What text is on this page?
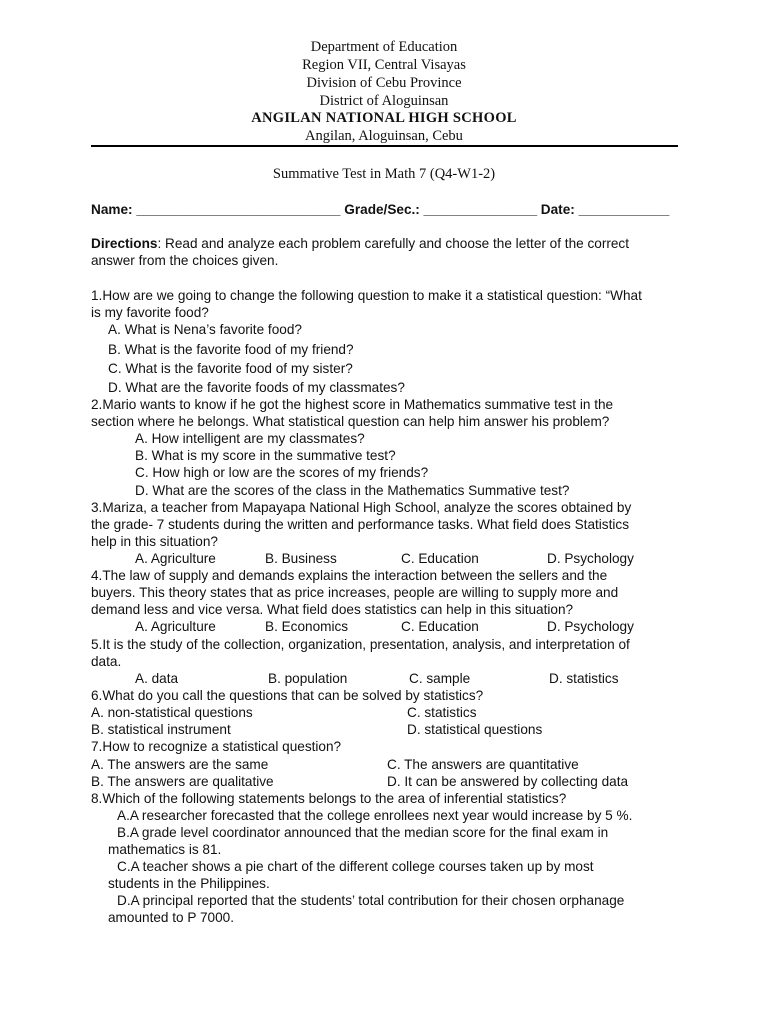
Department of Education
Region VII, Central Visayas
Division of Cebu Province
District of Aloguinsan
ANGILAN NATIONAL HIGH SCHOOL
Angilan, Aloguinsan, Cebu
Summative Test in Math 7 (Q4-W1-2)
Name: ___________________________ Grade/Sec.: _______________ Date: ____________
Directions: Read and analyze each problem carefully and choose the letter of the correct
answer from the choices given.
1.How are we going to change the following question to make it a statistical question: “What
is my favorite food?
A. What is Nena’s favorite food?
B. What is the favorite food of my friend?
C. What is the favorite food of my sister?
D. What are the favorite foods of my classmates?
2.Mario wants to know if he got the highest score in Mathematics summative test in the
section where he belongs. What statistical question can help him answer his problem?
A. How intelligent are my classmates?
B. What is my score in the summative test?
C. How high or low are the scores of my friends?
D. What are the scores of the class in the Mathematics Summative test?
3.Mariza, a teacher from Mapayapa National High School, analyze the scores obtained by
the grade- 7 students during the written and performance tasks. What field does Statistics
help in this situation?
A. Agriculture	B. Business	C. Education	D. Psychology
4.The law of supply and demands explains the interaction between the sellers and the
buyers. This theory states that as price increases, people are willing to supply more and
demand less and vice versa. What field does statistics can help in this situation?
A. Agriculture	B. Economics	C. Education	D. Psychology
5.It is the study of the collection, organization, presentation, analysis, and interpretation of
data.
A. data	B. population	C. sample	D. statistics
6.What do you call the questions that can be solved by statistics?
A. non-statistical questions	C. statistics
B. statistical instrument	D. statistical questions
7.How to recognize a statistical question?
A. The answers are the same	C. The answers are quantitative
B. The answers are qualitative	D. It can be answered by collecting data
8.Which of the following statements belongs to the area of inferential statistics?
A.A researcher forecasted that the college enrollees next year would increase by 5 %.
B.A grade level coordinator announced that the median score for the final exam in
mathematics is 81.
C.A teacher shows a pie chart of the different college courses taken up by most
students in the Philippines.
D.A principal reported that the students’ total contribution for their chosen orphanage
amounted to P 7000.
